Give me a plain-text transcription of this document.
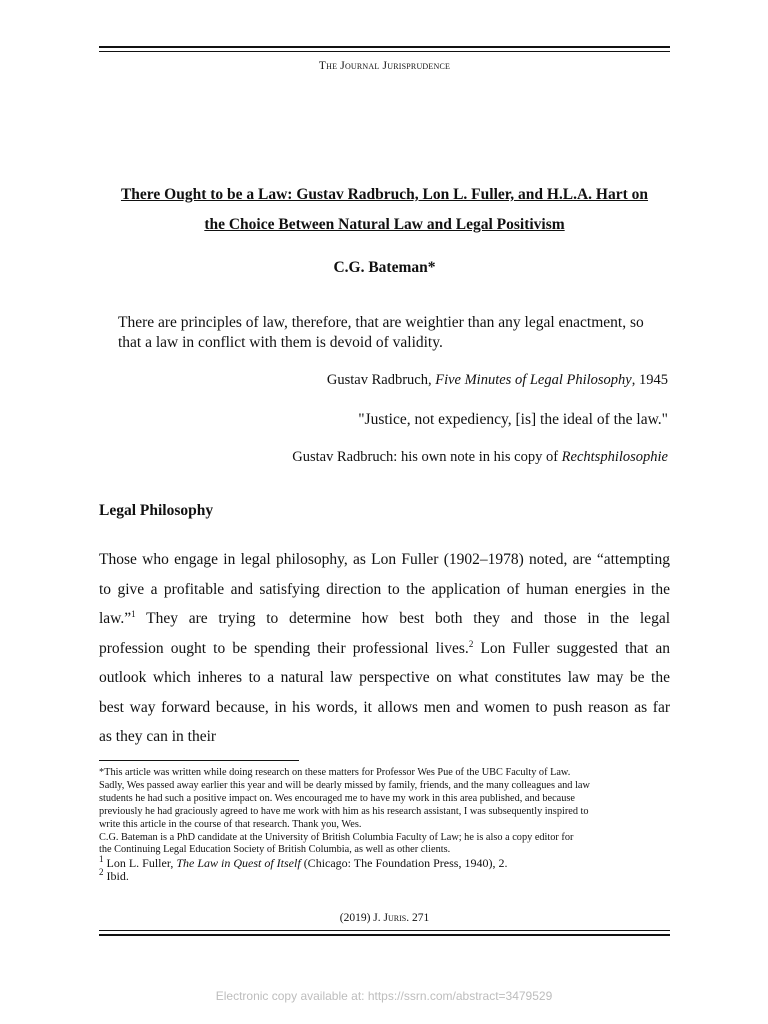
The Journal Jurisprudence
There Ought to be a Law: Gustav Radbruch, Lon L. Fuller, and H.L.A. Hart on
the Choice Between Natural Law and Legal Positivism
C.G. Bateman*
There are principles of law, therefore, that are weightier than any legal enactment, so
that a law in conflict with them is devoid of validity.
Gustav Radbruch, Five Minutes of Legal Philosophy, 1945
"Justice, not expediency, [is] the ideal of the law."
Gustav Radbruch: his own note in his copy of Rechtsphilosophie
Legal Philosophy
Those who engage in legal philosophy, as Lon Fuller (1902–1978) noted, are “attempting
to give a profitable and satisfying direction to the application of human energies in the
law.”$^1$ They are trying to determine how best both they and those in the legal
profession ought to be spending their professional lives.$^2$ Lon Fuller suggested that an
outlook which inheres to a natural law perspective on what constitutes law may be the
best way forward because, in his words, it allows men and women to push reason as far
as they can in their
*This article was written while doing research on these matters for Professor Wes Pue of the UBC Faculty of Law.
Sadly, Wes passed away earlier this year and will be dearly missed by family, friends, and the many colleagues and law
students he had such a positive impact on. Wes encouraged me to have my work in this area published, and because
previously he had graciously agreed to have me work with him as his research assistant, I was subsequently inspired to
write this article in the course of that research. Thank you, Wes.
C.G. Bateman is a PhD candidate at the University of British Columbia Faculty of Law; he is also a copy editor for
the Continuing Legal Education Society of British Columbia, as well as other clients.
$^1$ Lon L. Fuller, The Law in Quest of Itself (Chicago: The Foundation Press, 1940), 2.
$^2$ Ibid.
(2019) J. Juris. 271
Electronic copy available at: https://ssrn.com/abstract=3479529
